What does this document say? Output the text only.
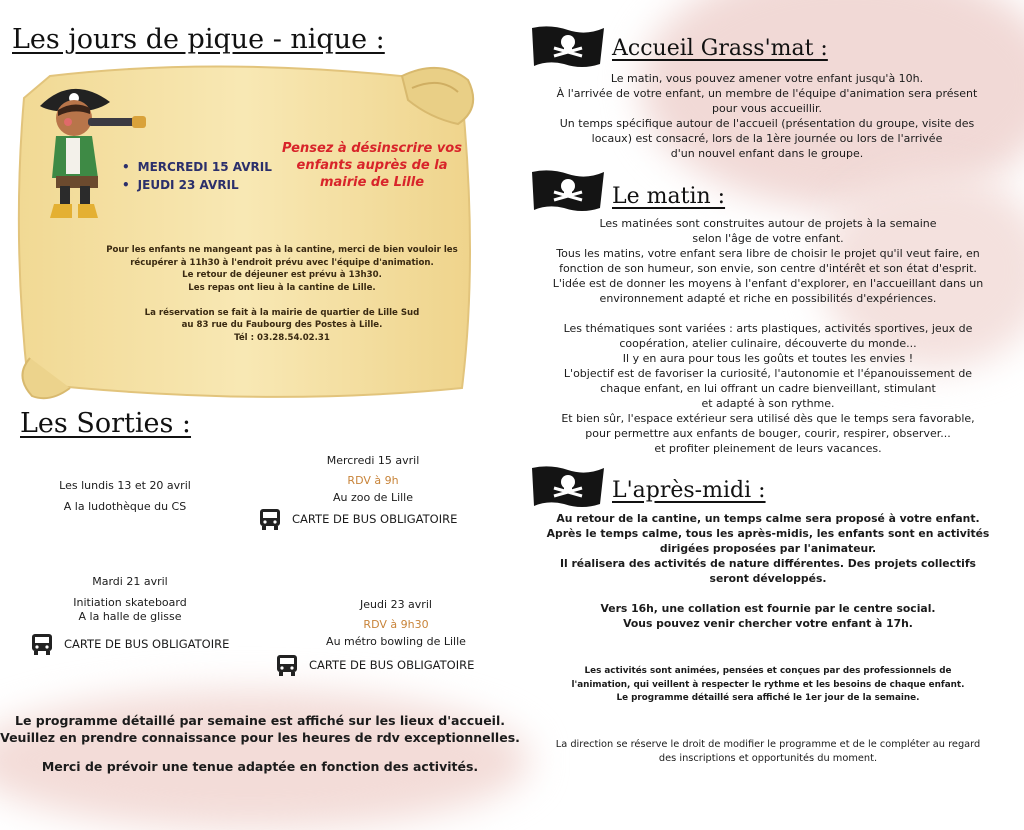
Les jours de pique - nique :
• MERCREDI 15 AVRIL
• JEUDI 23 AVRIL
Pensez à désinscrire vos
enfants auprès de la
mairie de Lille
Pour les enfants ne mangeant pas à la cantine, merci de bien vouloir les
récupérer à 11h30 à l'endroit prévu avec l'équipe d'animation.
Le retour de déjeuner est prévu à 13h30.
Les repas ont lieu à la cantine de Lille.
La réservation se fait à la mairie de quartier de Lille Sud
au 83 rue du Faubourg des Postes à Lille.
Tél : 03.28.54.02.31
Les Sorties :
Les lundis 13 et 20 avril
A la ludothèque du CS
Mercredi 15 avril
RDV à 9h
Au zoo de Lille
CARTE DE BUS OBLIGATOIRE
Mardi 21 avril
Initiation skateboard
A la halle de glisse
CARTE DE BUS OBLIGATOIRE
Jeudi 23 avril
RDV à 9h30
Au métro bowling de Lille
CARTE DE BUS OBLIGATOIRE
Le programme détaillé par semaine est affiché sur les lieux d'accueil.
Veuillez en prendre connaissance pour les heures de rdv exceptionnelles.
Merci de prévoir une tenue adaptée en fonction des activités.
Accueil Grass'mat :
Le matin, vous pouvez amener votre enfant jusqu'à 10h.
À l'arrivée de votre enfant, un membre de l'équipe d'animation sera présent
pour vous accueillir.
Un temps spécifique autour de l'accueil (présentation du groupe, visite des
locaux) est consacré, lors de la 1ère journée ou lors de l'arrivée
d'un nouvel enfant dans le groupe.
Le matin :
Les matinées sont construites autour de projets à la semaine
selon l'âge de votre enfant.
Tous les matins, votre enfant sera libre de choisir le projet qu'il veut faire, en
fonction de son humeur, son envie, son centre d'intérêt et son état d'esprit.
L'idée est de donner les moyens à l'enfant d'explorer, en l'accueillant dans un
environnement adapté et riche en possibilités d'expériences.
Les thématiques sont variées : arts plastiques, activités sportives, jeux de
coopération, atelier culinaire, découverte du monde...
Il y en aura pour tous les goûts et toutes les envies !
L'objectif est de favoriser la curiosité, l'autonomie et l'épanouissement de
chaque enfant, en lui offrant un cadre bienveillant, stimulant
et adapté à son rythme.
Et bien sûr, l'espace extérieur sera utilisé dès que le temps sera favorable,
pour permettre aux enfants de bouger, courir, respirer, observer...
et profiter pleinement de leurs vacances.
L'après-midi :
Au retour de la cantine, un temps calme sera proposé à votre enfant.
Après le temps calme, tous les après-midis, les enfants sont en activités
dirigées proposées par l'animateur.
Il réalisera des activités de nature différentes. Des projets collectifs
seront développés.
Vers 16h, une collation est fournie par le centre social.
Vous pouvez venir chercher votre enfant à 17h.
Les activités sont animées, pensées et conçues par des professionnels de
l'animation, qui veillent à respecter le rythme et les besoins de chaque enfant.
Le programme détaillé sera affiché le 1er jour de la semaine.
La direction se réserve le droit de modifier le programme et de le compléter au regard
des inscriptions et opportunités du moment.
